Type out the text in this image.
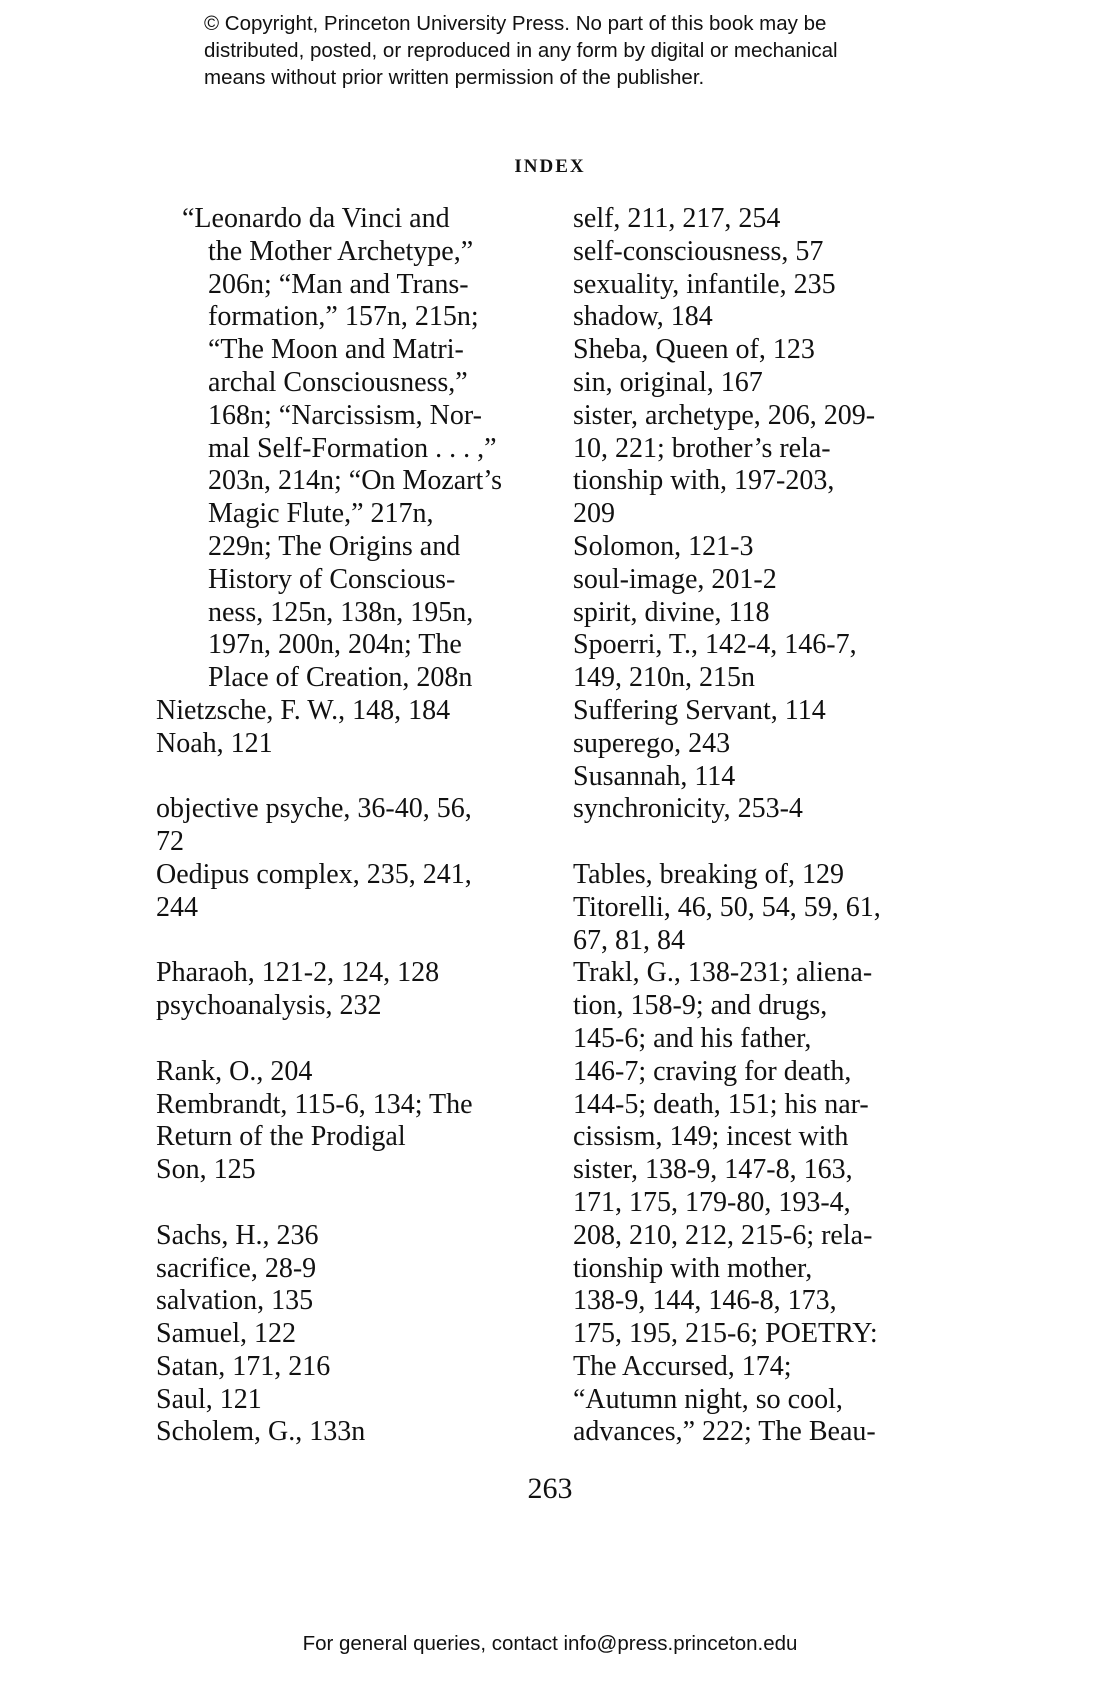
© Copyright, Princeton University Press. No part of this book may be

distributed, posted, or reproduced in any form by digital or mechanical

means without prior written permission of the publisher.

INDEX
“Leonardo da Vinci and
the Mother Archetype,”
206n; “Man and Trans-
formation,” 157n, 215n;
“The Moon and Matri-
archal Consciousness,”
168n; “Narcissism, Nor-
mal Self-Formation . . . ,”
203n, 214n; “On Mozart’s
Magic Flute,” 217n,
229n; The Origins and
History of Conscious-
ness, 125n, 138n, 195n,
197n, 200n, 204n; The
Place of Creation, 208n
Nietzsche, F. W., 148, 184
Noah, 121
objective psyche, 36-40, 56,
72
Oedipus complex, 235, 241,
244
Pharaoh, 121-2, 124, 128
psychoanalysis, 232
Rank, O., 204
Rembrandt, 115-6, 134; The
Return of the Prodigal
Son, 125
Sachs, H., 236
sacrifice, 28-9
salvation, 135
Samuel, 122
Satan, 171, 216
Saul, 121
Scholem, G., 133n
self, 211, 217, 254
self-consciousness, 57
sexuality, infantile, 235
shadow, 184
Sheba, Queen of, 123
sin, original, 167
sister, archetype, 206, 209-
10, 221; brother’s rela-
tionship with, 197-203,
209
Solomon, 121-3
soul-image, 201-2
spirit, divine, 118
Spoerri, T., 142-4, 146-7,
149, 210n, 215n
Suffering Servant, 114
superego, 243
Susannah, 114
synchronicity, 253-4
Tables, breaking of, 129
Titorelli, 46, 50, 54, 59, 61,
67, 81, 84
Trakl, G., 138-231; aliena-
tion, 158-9; and drugs,
145-6; and his father,
146-7; craving for death,
144-5; death, 151; his nar-
cissism, 149; incest with
sister, 138-9, 147-8, 163,
171, 175, 179-80, 193-4,
208, 210, 212, 215-6; rela-
tionship with mother,
138-9, 144, 146-8, 173,
175, 195, 215-6; POETRY:
The Accursed, 174;
“Autumn night, so cool,
advances,” 222; The Beau-
263
For general queries, contact info@press.princeton.edu
